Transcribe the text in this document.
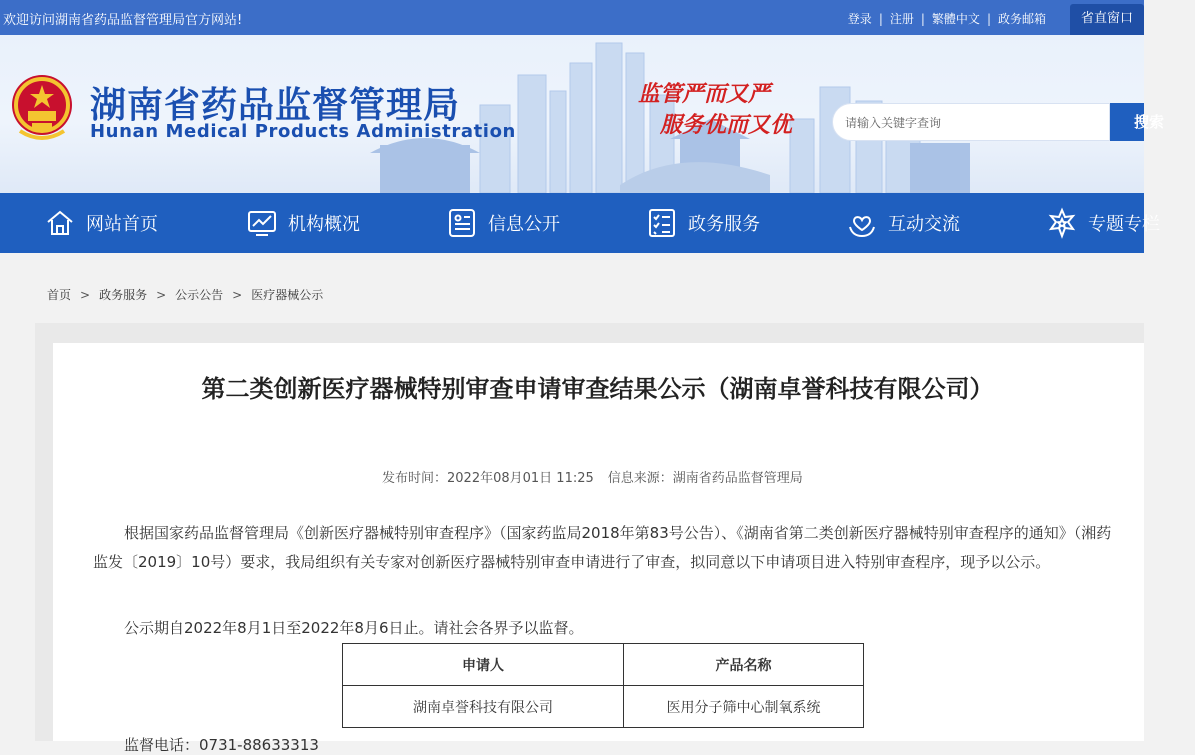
欢迎访问湖南省药品监督管理局官方网站!	登录 | 注册 | 繁體中文 | 政务邮箱	省直窗口
湖南省药品监督管理局
Hunan Medical Products Administration
监管严而又严
服务优而又优
请输入关键字查询	搜索
网站首页	机构概况	信息公开	政务服务	互动交流	专题专栏
首页 > 政务服务 > 公示公告 > 医疗器械公示
第二类创新医疗器械特别审查申请审查结果公示（湖南卓誉科技有限公司）
发布时间：2022年08月01日 11:25 信息来源：湖南省药品监督管理局
根据国家药品监督管理局《创新医疗器械特别审查程序》（国家药监局2018年第83号公告）、《湖南省第二类创新医疗器械特别审查程序的通知》（湘药监发〔2019〕10号）要求，我局组织有关专家对创新医疗器械特别审查申请进行了审查，拟同意以下申请项目进入特别审查程序，现予以公示。
公示期自2022年8月1日至2022年8月6日止。请社会各界予以监督。
申请人	产品名称
湖南卓誉科技有限公司	医用分子筛中心制氧系统
监督电话：0731-88633313
